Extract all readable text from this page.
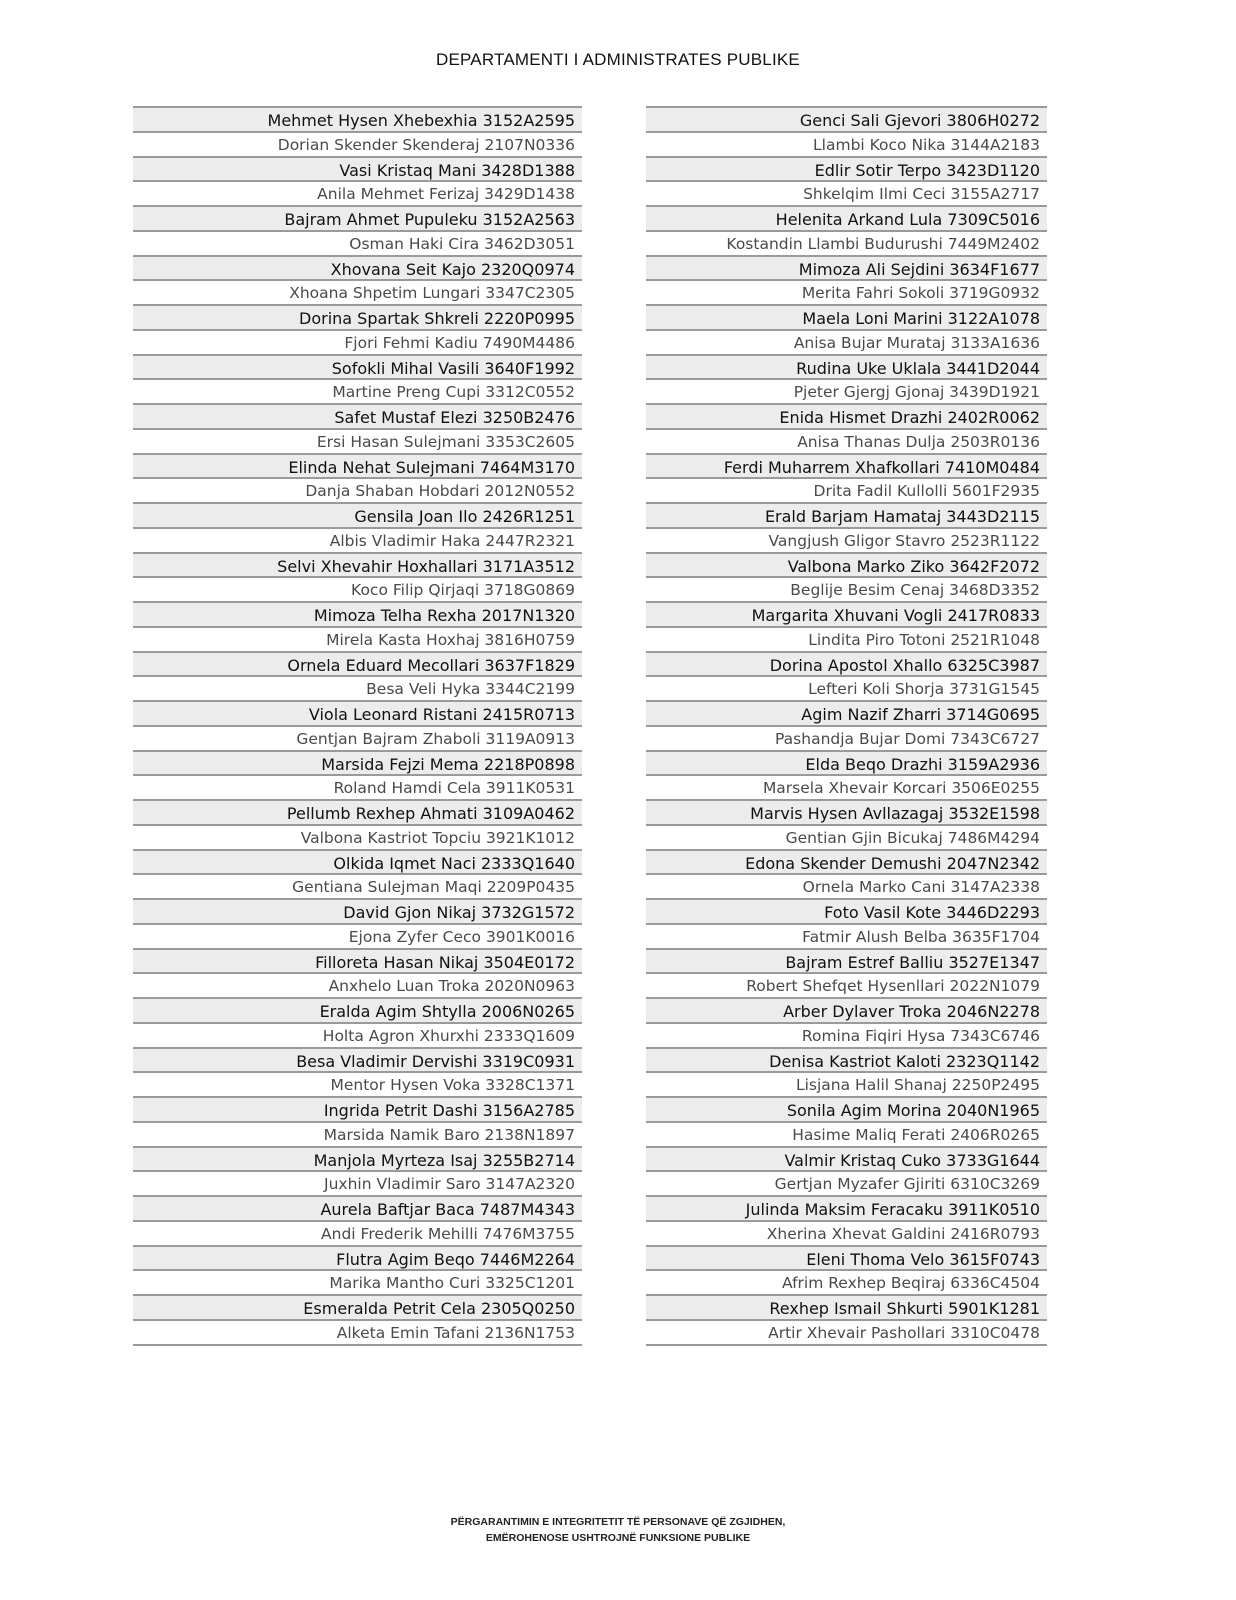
DEPARTAMENTI I ADMINISTRATES PUBLIKE
Mehmet Hysen Xhebexhia 3152A2595
Dorian Skender Skenderaj 2107N0336
Vasi Kristaq Mani 3428D1388
Anila Mehmet Ferizaj 3429D1438
Bajram Ahmet Pupuleku 3152A2563
Osman Haki Cira 3462D3051
Xhovana Seit Kajo 2320Q0974
Xhoana Shpetim Lungari 3347C2305
Dorina Spartak Shkreli 2220P0995
Fjori Fehmi Kadiu 7490M4486
Sofokli Mihal Vasili 3640F1992
Martine Preng Cupi 3312C0552
Safet Mustaf Elezi 3250B2476
Ersi Hasan Sulejmani 3353C2605
Elinda Nehat Sulejmani 7464M3170
Danja Shaban Hobdari 2012N0552
Gensila Joan Ilo 2426R1251
Albis Vladimir Haka 2447R2321
Selvi Xhevahir Hoxhallari 3171A3512
Koco Filip Qirjaqi 3718G0869
Mimoza Telha Rexha 2017N1320
Mirela Kasta Hoxhaj 3816H0759
Ornela Eduard Mecollari 3637F1829
Besa Veli Hyka 3344C2199
Viola Leonard Ristani 2415R0713
Gentjan Bajram Zhaboli 3119A0913
Marsida Fejzi Mema 2218P0898
Roland Hamdi Cela 3911K0531
Pellumb Rexhep Ahmati 3109A0462
Valbona Kastriot Topciu 3921K1012
Olkida Iqmet Naci 2333Q1640
Gentiana Sulejman Maqi 2209P0435
David Gjon Nikaj 3732G1572
Ejona Zyfer Ceco 3901K0016
Filloreta Hasan Nikaj 3504E0172
Anxhelo Luan Troka 2020N0963
Eralda Agim Shtylla 2006N0265
Holta Agron Xhurxhi 2333Q1609
Besa Vladimir Dervishi 3319C0931
Mentor Hysen Voka 3328C1371
Ingrida Petrit Dashi 3156A2785
Marsida Namik Baro 2138N1897
Manjola Myrteza Isaj 3255B2714
Juxhin Vladimir Saro 3147A2320
Aurela Baftjar Baca 7487M4343
Andi Frederik Mehilli 7476M3755
Flutra Agim Beqo 7446M2264
Marika Mantho Curi 3325C1201
Esmeralda Petrit Cela 2305Q0250
Alketa Emin Tafani 2136N1753
Genci Sali Gjevori 3806H0272
Llambi Koco Nika 3144A2183
Edlir Sotir Terpo 3423D1120
Shkelqim Ilmi Ceci 3155A2717
Helenita Arkand Lula 7309C5016
Kostandin Llambi Budurushi 7449M2402
Mimoza Ali Sejdini 3634F1677
Merita Fahri Sokoli 3719G0932
Maela Loni Marini 3122A1078
Anisa Bujar Murataj 3133A1636
Rudina Uke Uklala 3441D2044
Pjeter Gjergj Gjonaj 3439D1921
Enida Hismet Drazhi 2402R0062
Anisa Thanas Dulja 2503R0136
Ferdi Muharrem Xhafkollari 7410M0484
Drita Fadil Kullolli 5601F2935
Erald Barjam Hamataj 3443D2115
Vangjush Gligor Stavro 2523R1122
Valbona Marko Ziko 3642F2072
Beglije Besim Cenaj 3468D3352
Margarita Xhuvani Vogli 2417R0833
Lindita Piro Totoni 2521R1048
Dorina Apostol Xhallo 6325C3987
Lefteri Koli Shorja 3731G1545
Agim Nazif Zharri 3714G0695
Pashandja Bujar Domi 7343C6727
Elda Beqo Drazhi 3159A2936
Marsela Xhevair Korcari 3506E0255
Marvis Hysen Avllazagaj 3532E1598
Gentian Gjin Bicukaj 7486M4294
Edona Skender Demushi 2047N2342
Ornela Marko Cani 3147A2338
Foto Vasil Kote 3446D2293
Fatmir Alush Belba 3635F1704
Bajram Estref Balliu 3527E1347
Robert Shefqet Hysenllari 2022N1079
Arber Dylaver Troka 2046N2278
Romina Fiqiri Hysa 7343C6746
Denisa Kastriot Kaloti 2323Q1142
Lisjana Halil Shanaj 2250P2495
Sonila Agim Morina 2040N1965
Hasime Maliq Ferati 2406R0265
Valmir Kristaq Cuko 3733G1644
Gertjan Myzafer Gjiriti 6310C3269
Julinda Maksim Feracaku 3911K0510
Xherina Xhevat Galdini 2416R0793
Eleni Thoma Velo 3615F0743
Afrim Rexhep Beqiraj 6336C4504
Rexhep Ismail Shkurti 5901K1281
Artir Xhevair Pashollari 3310C0478
PËRGARANTIMIN E INTEGRITETIT TË PERSONAVE QË ZGJIDHEN,
EMËROHENOSE USHTROJNË FUNKSIONE PUBLIKE
